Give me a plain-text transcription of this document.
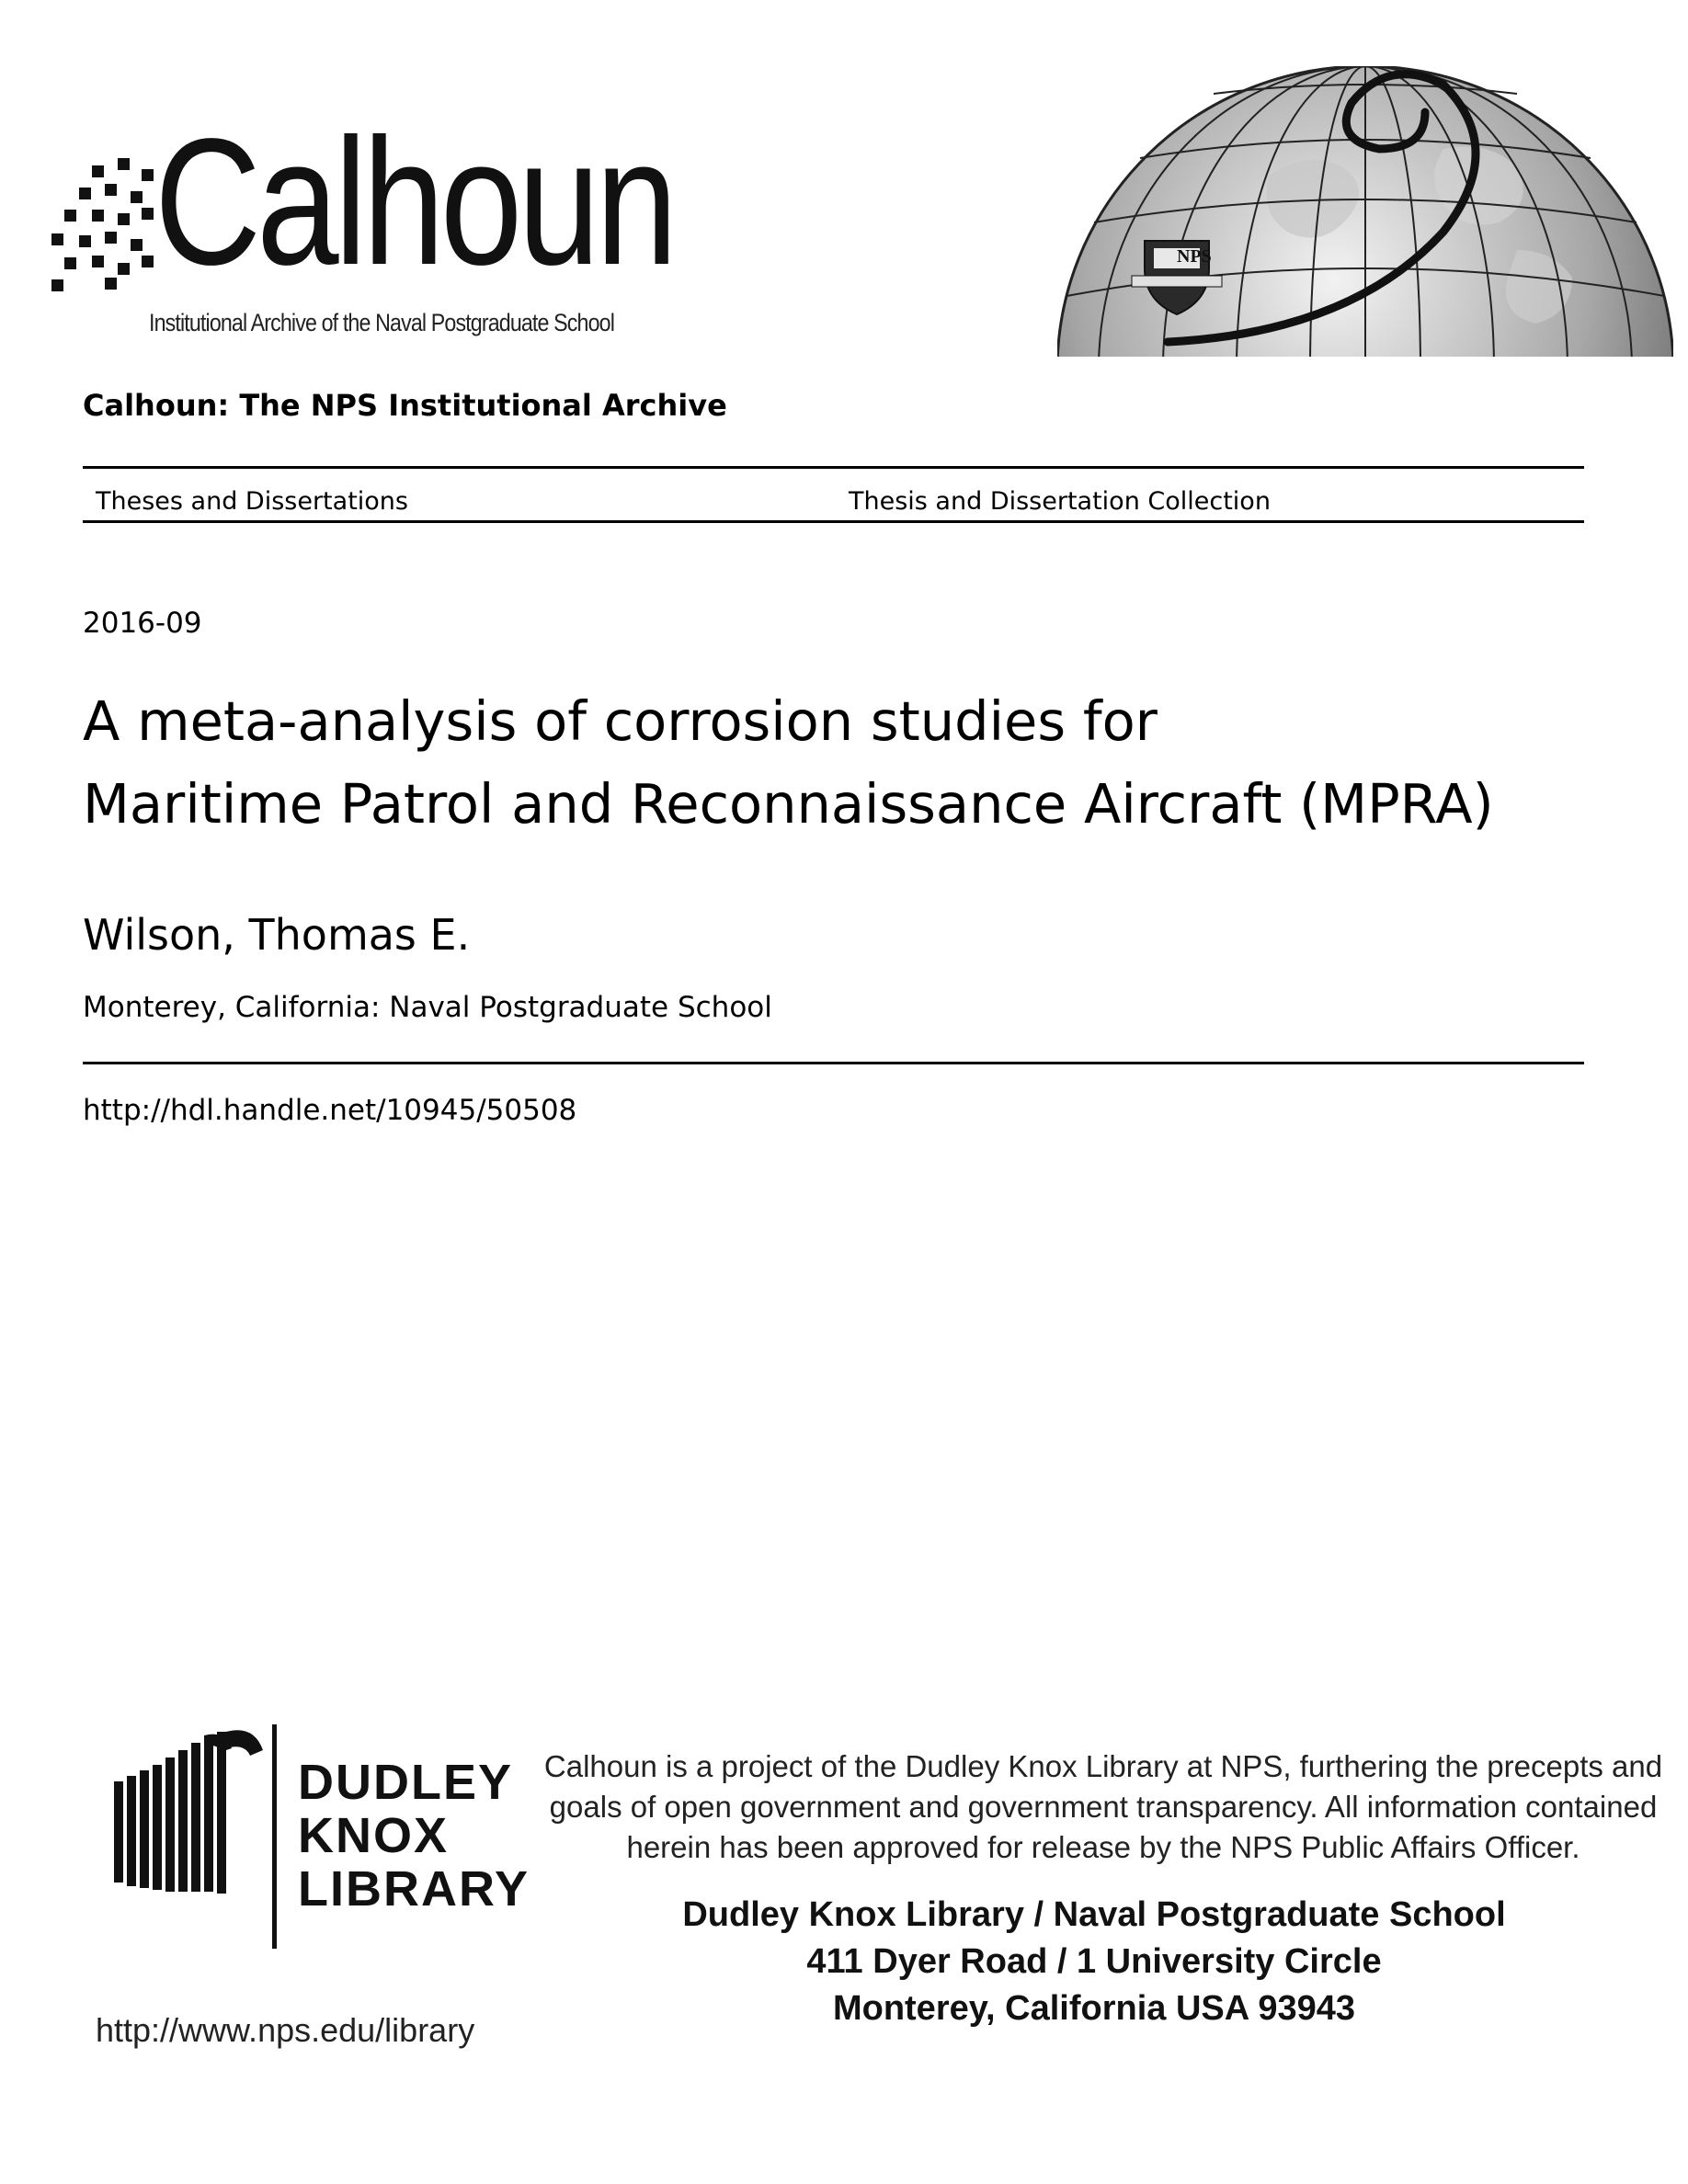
Calhoun
Institutional Archive of the Naval Postgraduate School
NPS
Calhoun: The NPS Institutional Archive
Theses and Dissertations	Thesis and Dissertation Collection
2016-09
A meta-analysis of corrosion studies for
Maritime Patrol and Reconnaissance Aircraft (MPRA)
Wilson, Thomas E.
Monterey, California: Naval Postgraduate School
http://hdl.handle.net/10945/50508
DUDLEY
KNOX
LIBRARY
Calhoun is a project of the Dudley Knox Library at NPS, furthering the precepts and
goals of open government and government transparency. All information contained
herein has been approved for release by the NPS Public Affairs Officer.
Dudley Knox Library / Naval Postgraduate School
411 Dyer Road / 1 University Circle
Monterey, California USA 93943
http://www.nps.edu/library
